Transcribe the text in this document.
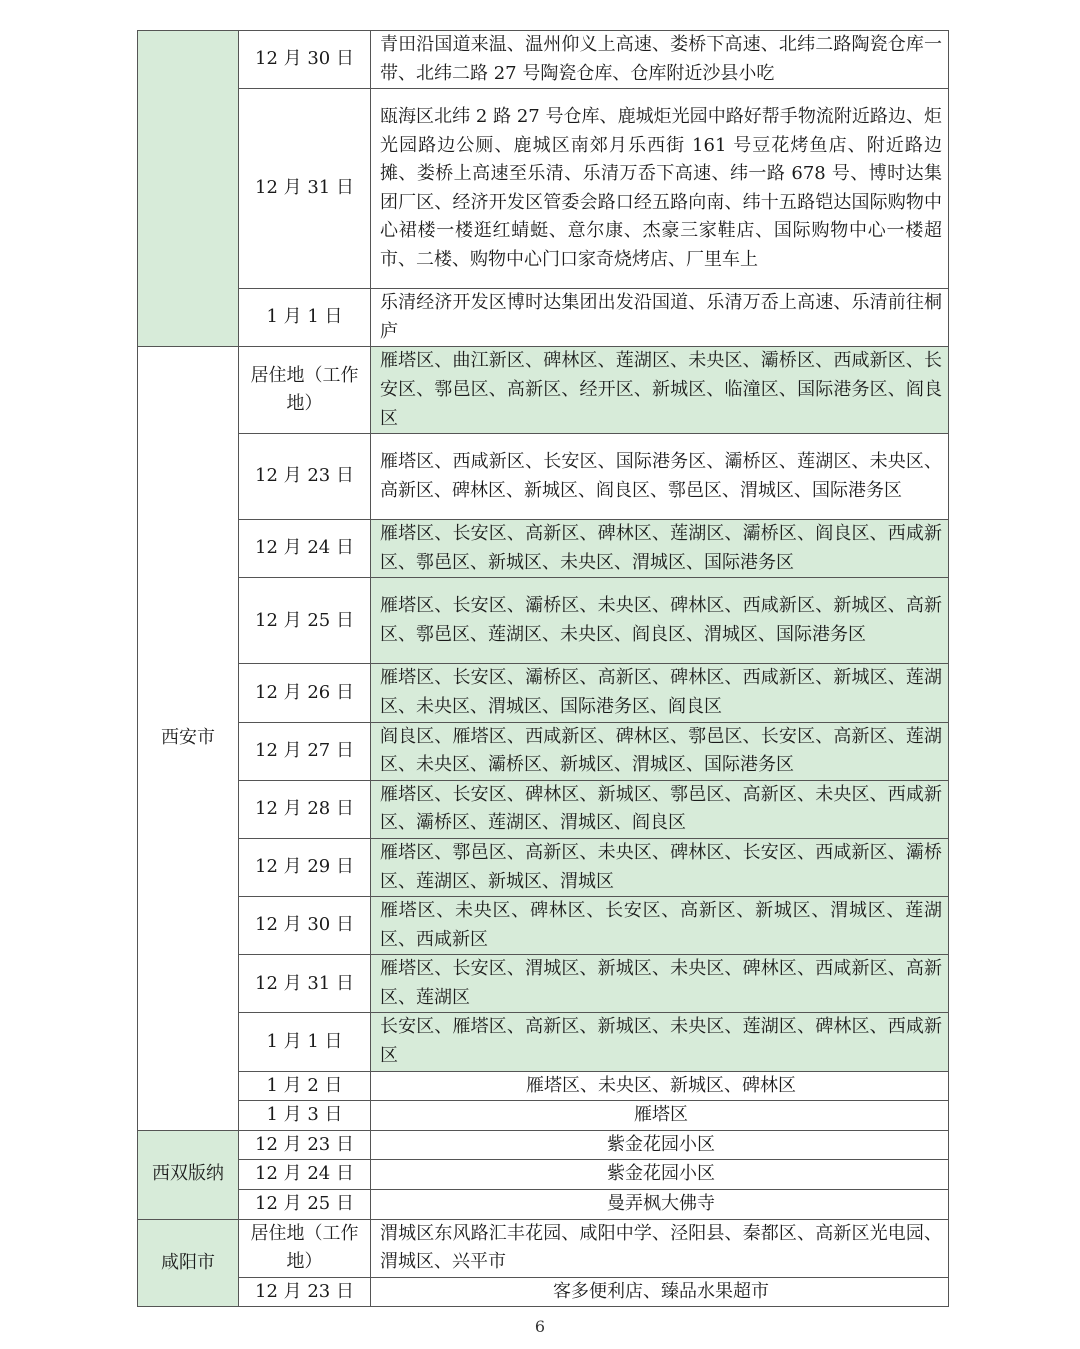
	12 月 30 日	青田沿国道来温、温州仰义上高速、娄桥下高速、北纬二路陶瓷仓库一带、北纬二路 27 号陶瓷仓库、仓库附近沙县小吃
	12 月 31 日	瓯海区北纬 2 路 27 号仓库、鹿城炬光园中路好帮手物流附近路边、炬光园路边公厕、鹿城区南郊月乐西街 161 号豆花烤鱼店、附近路边摊、娄桥上高速至乐清、乐清万岙下高速、纬一路 678 号、博时达集团厂区、经济开发区管委会路口经五路向南、纬十五路铠达国际购物中心裙楼一楼逛红蜻蜓、意尔康、杰豪三家鞋店、国际购物中心一楼超市、二楼、购物中心门口家奇烧烤店、厂里车上
	1 月 1 日	乐清经济开发区博时达集团出发沿国道、乐清万岙上高速、乐清前往桐庐
西安市	居住地（工作地）	雁塔区、曲江新区、碑林区、莲湖区、未央区、灞桥区、西咸新区、长安区、鄠邑区、高新区、经开区、新城区、临潼区、国际港务区、阎良区
	12 月 23 日	雁塔区、西咸新区、长安区、国际港务区、灞桥区、莲湖区、未央区、高新区、碑林区、新城区、阎良区、鄠邑区、渭城区、国际港务区
	12 月 24 日	雁塔区、长安区、高新区、碑林区、莲湖区、灞桥区、阎良区、西咸新区、鄠邑区、新城区、未央区、渭城区、国际港务区
	12 月 25 日	雁塔区、长安区、灞桥区、未央区、碑林区、西咸新区、新城区、高新区、鄠邑区、莲湖区、未央区、阎良区、渭城区、国际港务区
	12 月 26 日	雁塔区、长安区、灞桥区、高新区、碑林区、西咸新区、新城区、莲湖区、未央区、渭城区、国际港务区、阎良区
	12 月 27 日	阎良区、雁塔区、西咸新区、碑林区、鄠邑区、长安区、高新区、莲湖区、未央区、灞桥区、新城区、渭城区、国际港务区
	12 月 28 日	雁塔区、长安区、碑林区、新城区、鄠邑区、高新区、未央区、西咸新区、灞桥区、莲湖区、渭城区、阎良区
	12 月 29 日	雁塔区、鄠邑区、高新区、未央区、碑林区、长安区、西咸新区、灞桥区、莲湖区、新城区、渭城区
	12 月 30 日	雁塔区、未央区、碑林区、长安区、高新区、新城区、渭城区、莲湖区、西咸新区
	12 月 31 日	雁塔区、长安区、渭城区、新城区、未央区、碑林区、西咸新区、高新区、莲湖区
	1 月 1 日	长安区、雁塔区、高新区、新城区、未央区、莲湖区、碑林区、西咸新区
	1 月 2 日	雁塔区、未央区、新城区、碑林区
	1 月 3 日	雁塔区
西双版纳	12 月 23 日	紫金花园小区
	12 月 24 日	紫金花园小区
	12 月 25 日	曼弄枫大佛寺
咸阳市	居住地（工作地）	渭城区东风路汇丰花园、咸阳中学、泾阳县、秦都区、高新区光电园、渭城区、兴平市
	12 月 23 日	客多便利店、臻品水果超市
6
